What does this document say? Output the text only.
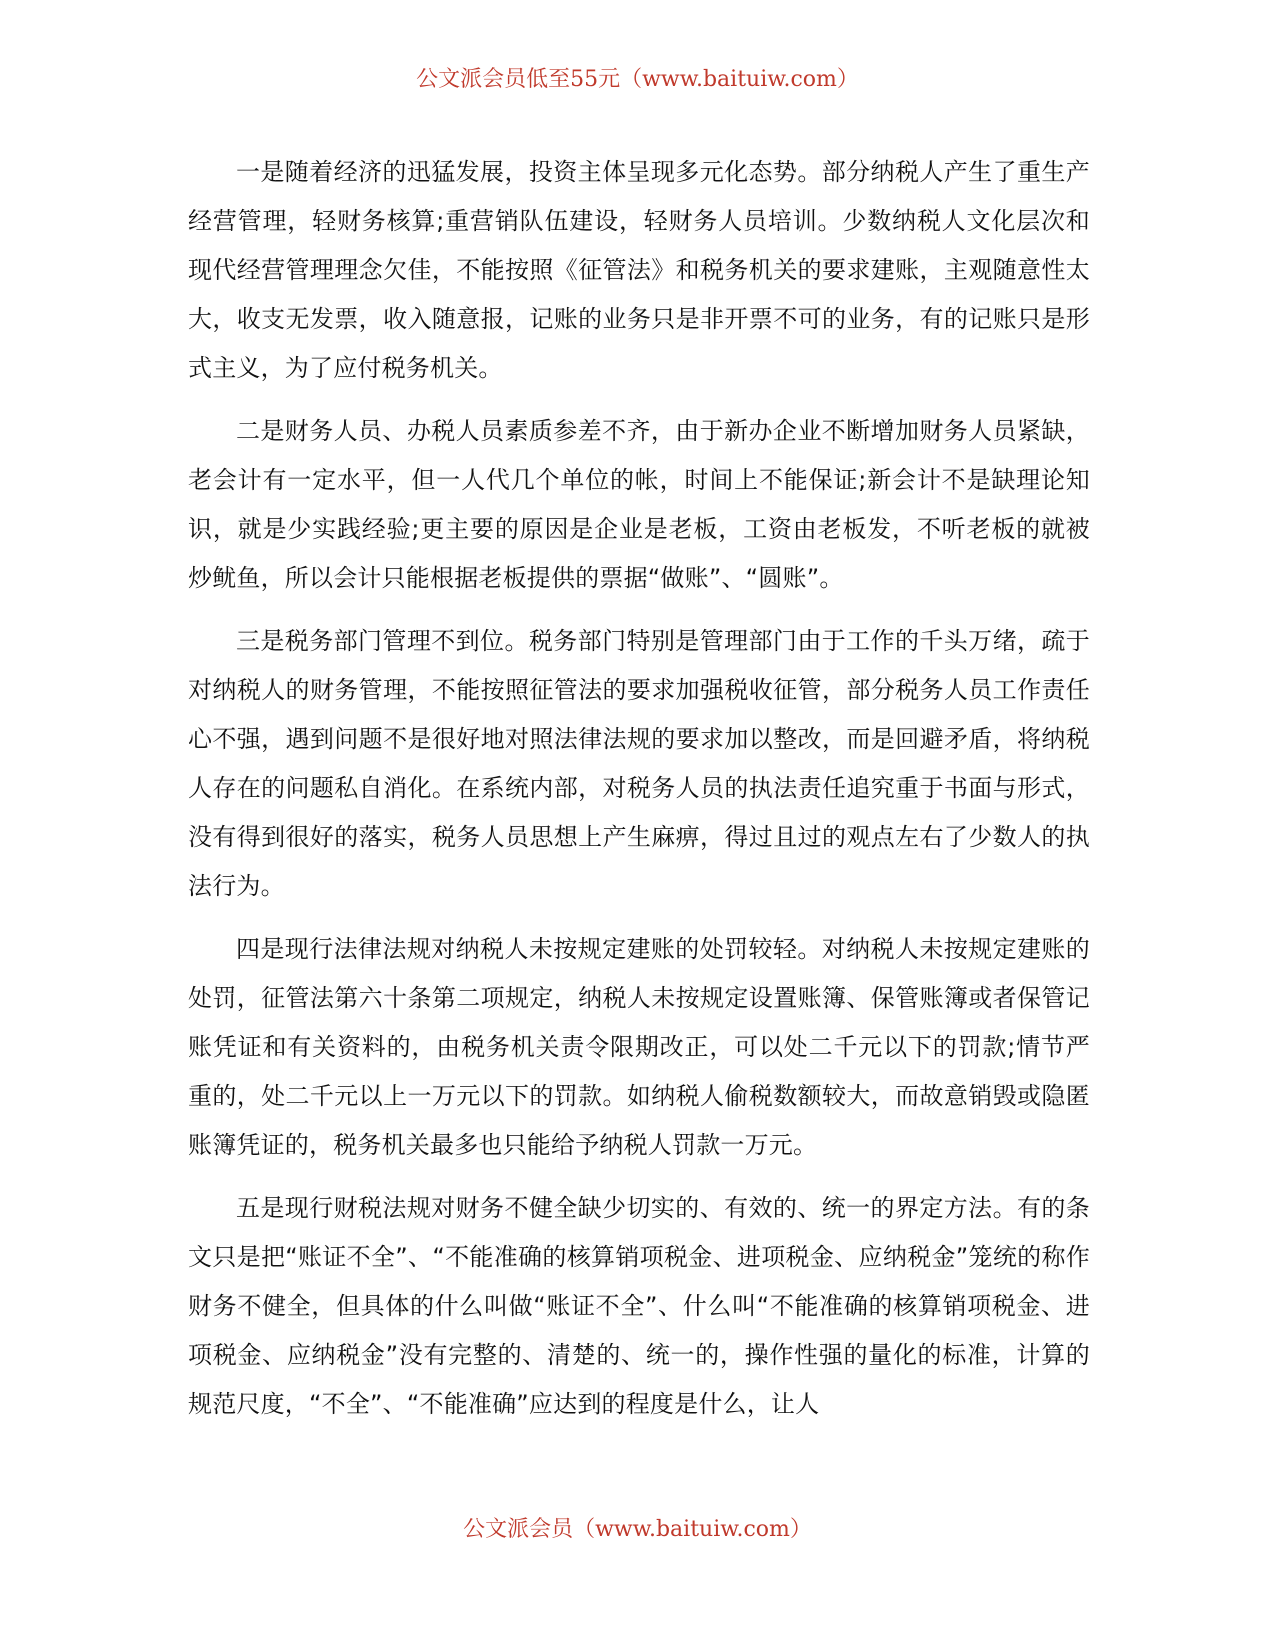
公文派会员低至55元（www.baituiw.com）

一是随着经济的迅猛发展，投资主体呈现多元化态势。部分纳税人产生了重生产经营管理，轻财务核算;重营销队伍建设，轻财务人员培训。少数纳税人文化层次和现代经营管理理念欠佳，不能按照《征管法》和税务机关的要求建账，主观随意性太大，收支无发票，收入随意报，记账的业务只是非开票不可的业务，有的记账只是形式主义，为了应付税务机关。

二是财务人员、办税人员素质参差不齐，由于新办企业不断增加财务人员紧缺，老会计有一定水平，但一人代几个单位的帐，时间上不能保证;新会计不是缺理论知识，就是少实践经验;更主要的原因是企业是老板，工资由老板发，不听老板的就被炒鱿鱼，所以会计只能根据老板提供的票据“做账”、“圆账”。

三是税务部门管理不到位。税务部门特别是管理部门由于工作的千头万绪，疏于对纳税人的财务管理，不能按照征管法的要求加强税收征管，部分税务人员工作责任心不强，遇到问题不是很好地对照法律法规的要求加以整改，而是回避矛盾，将纳税人存在的问题私自消化。在系统内部，对税务人员的执法责任追究重于书面与形式，没有得到很好的落实，税务人员思想上产生麻痹，得过且过的观点左右了少数人的执法行为。

四是现行法律法规对纳税人未按规定建账的处罚较轻。对纳税人未按规定建账的处罚，征管法第六十条第二项规定，纳税人未按规定设置账簿、保管账簿或者保管记账凭证和有关资料的，由税务机关责令限期改正，可以处二千元以下的罚款;情节严重的，处二千元以上一万元以下的罚款。如纳税人偷税数额较大，而故意销毁或隐匿账簿凭证的，税务机关最多也只能给予纳税人罚款一万元。

五是现行财税法规对财务不健全缺少切实的、有效的、统一的界定方法。有的条文只是把“账证不全”、“不能准确的核算销项税金、进项税金、应纳税金”笼统的称作财务不健全，但具体的什么叫做“账证不全”、什么叫“不能准确的核算销项税金、进项税金、应纳税金”没有完整的、清楚的、统一的，操作性强的量化的标准，计算的规范尺度，“不全”、“不能准确”应达到的程度是什么，让人

公文派会员（www.baituiw.com）
